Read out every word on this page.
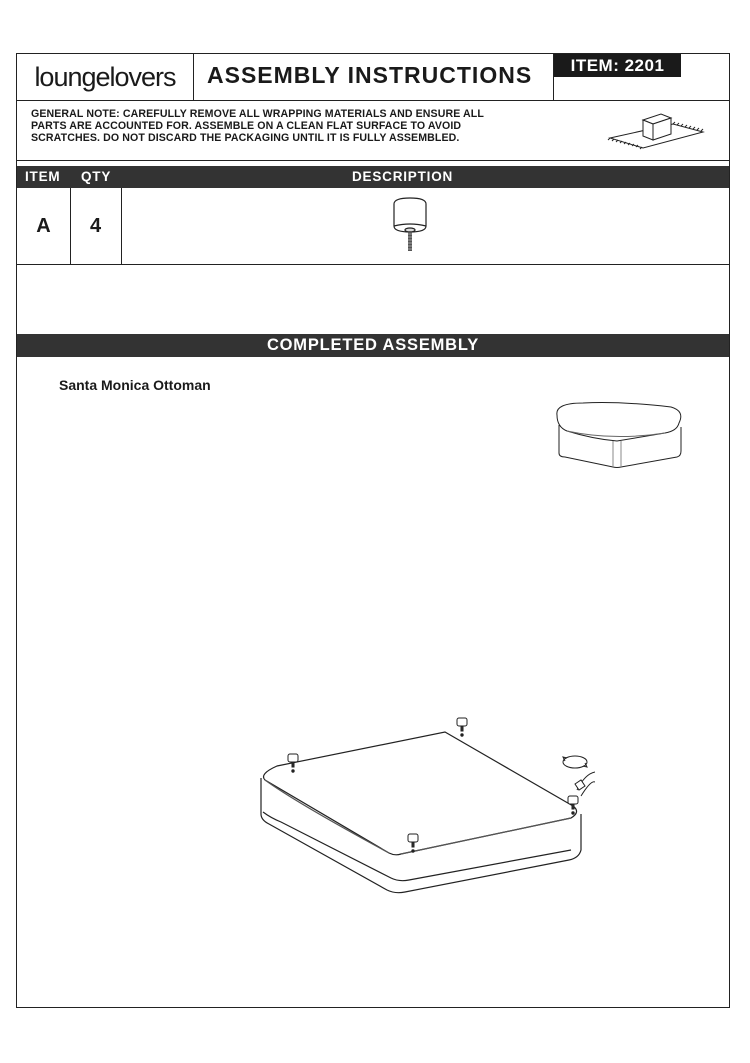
loungelovers	ASSEMBLY INSTRUCTIONS	ITEM: 2201
GENERAL NOTE: CAREFULLY REMOVE ALL WRAPPING MATERIALS AND ENSURE ALL
PARTS ARE ACCOUNTED FOR. ASSEMBLE ON A CLEAN FLAT SURFACE TO AVOID
SCRATCHES. DO NOT DISCARD THE PACKAGING UNTIL IT IS FULLY ASSEMBLED.
ITEM QTY	DESCRIPTION
A	4
COMPLETED ASSEMBLY
Santa Monica Ottoman
